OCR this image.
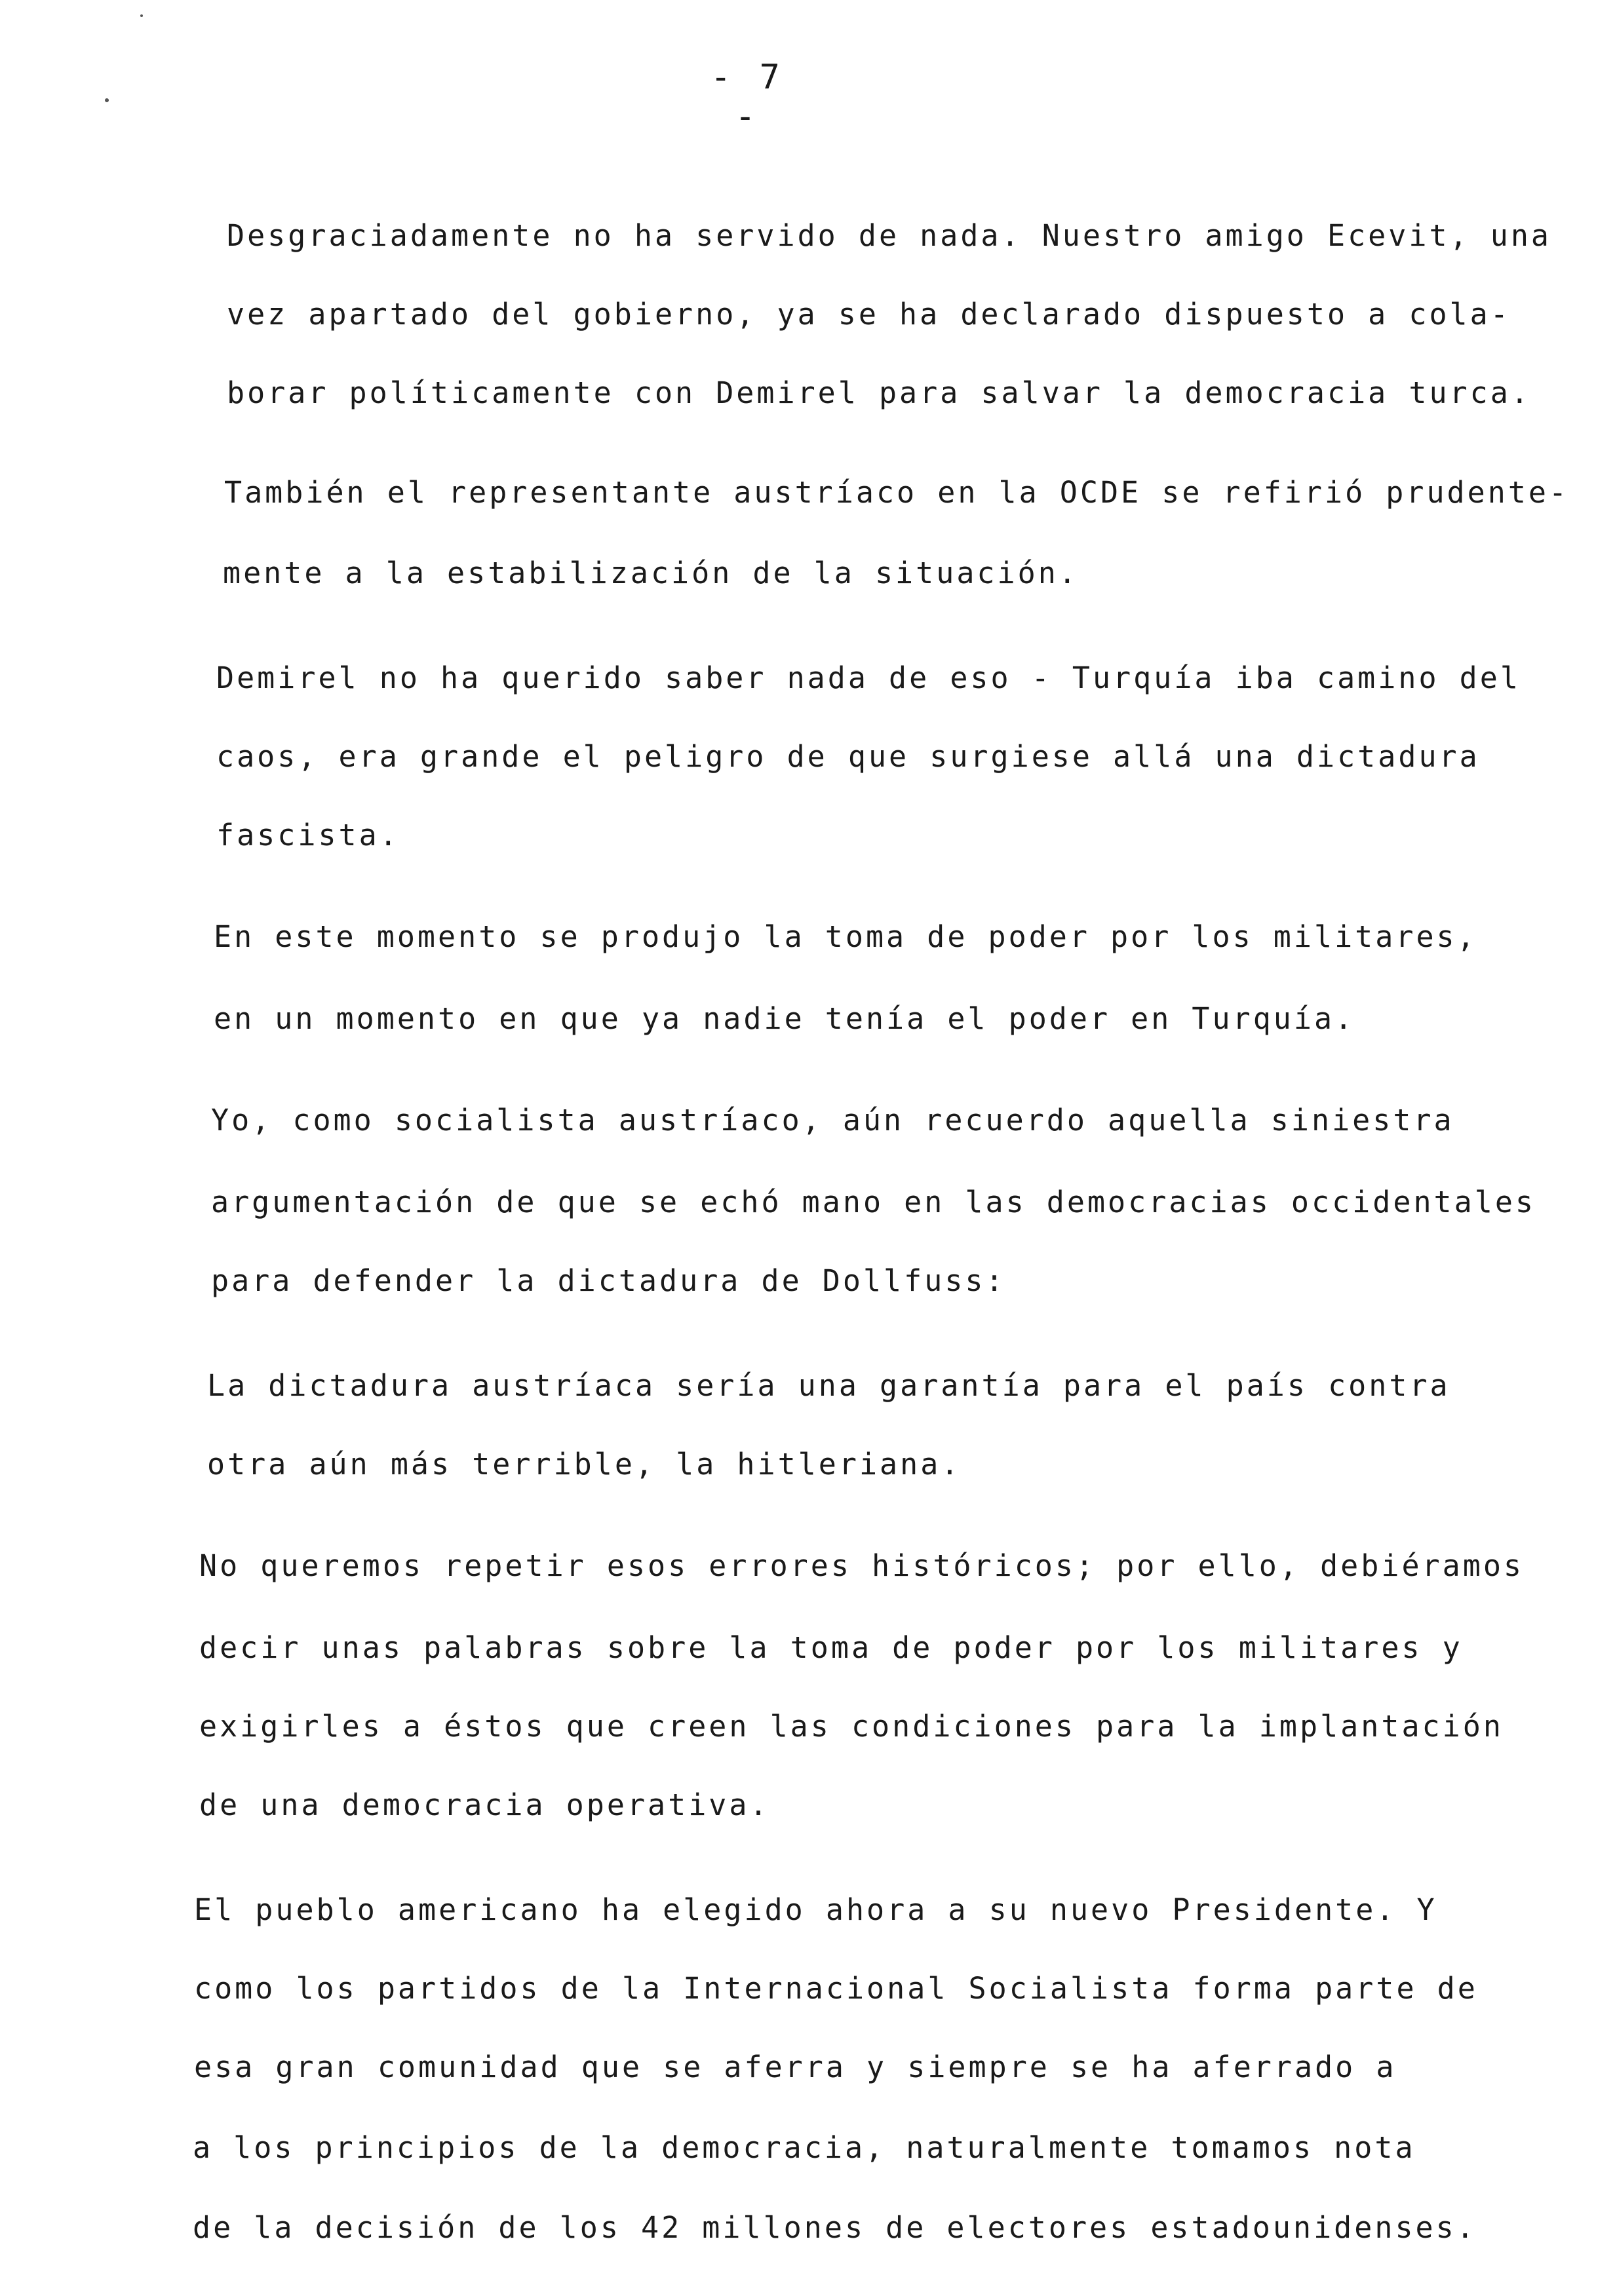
- 7 -
Desgraciadamente no ha servido de nada. Nuestro amigo Ecevit, una
vez apartado del gobierno, ya se ha declarado dispuesto a cola-
borar políticamente con Demirel para salvar la democracia turca.
También el representante austríaco en la OCDE se refirió prudente-
mente a la estabilización de la situación.
Demirel no ha querido saber nada de eso - Turquía iba camino del
caos, era grande el peligro de que surgiese allá una dictadura
fascista.
En este momento se produjo la toma de poder por los militares,
en un momento en que ya nadie tenía el poder en Turquía.
Yo, como socialista austríaco, aún recuerdo aquella siniestra
argumentación de que se echó mano en las democracias occidentales
para defender la dictadura de Dollfuss:
La dictadura austríaca sería una garantía para el país contra
otra aún más terrible, la hitleriana.
No queremos repetir esos errores históricos; por ello, debiéramos
decir unas palabras sobre la toma de poder por los militares y
exigirles a éstos que creen las condiciones para la implantación
de una democracia operativa.
El pueblo americano ha elegido ahora a su nuevo Presidente. Y
como los partidos de la Internacional Socialista forma parte de
esa gran comunidad que se aferra y siempre se ha aferrado a
a los principios de la democracia, naturalmente tomamos nota
de la decisión de los 42 millones de electores estadounidenses.
